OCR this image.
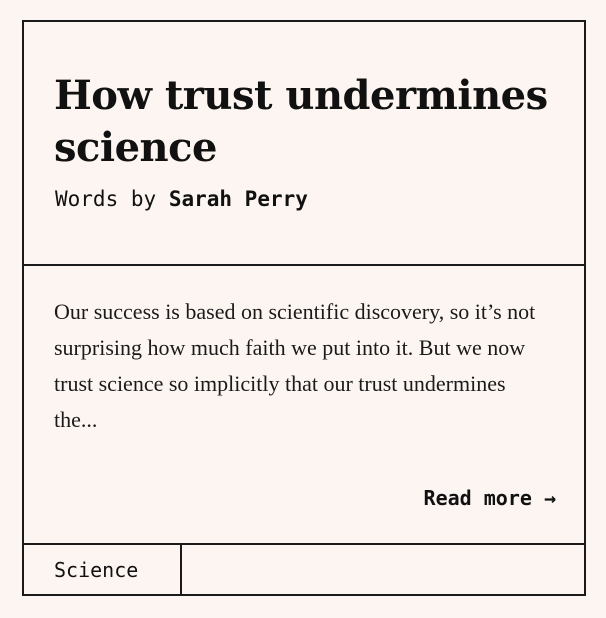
How trust undermines science
Words by Sarah Perry

Our success is based on scientific discovery, so it’s not surprising how much faith we put into it. But we now trust science so implicitly that our trust undermines the...

Read more →
Science
